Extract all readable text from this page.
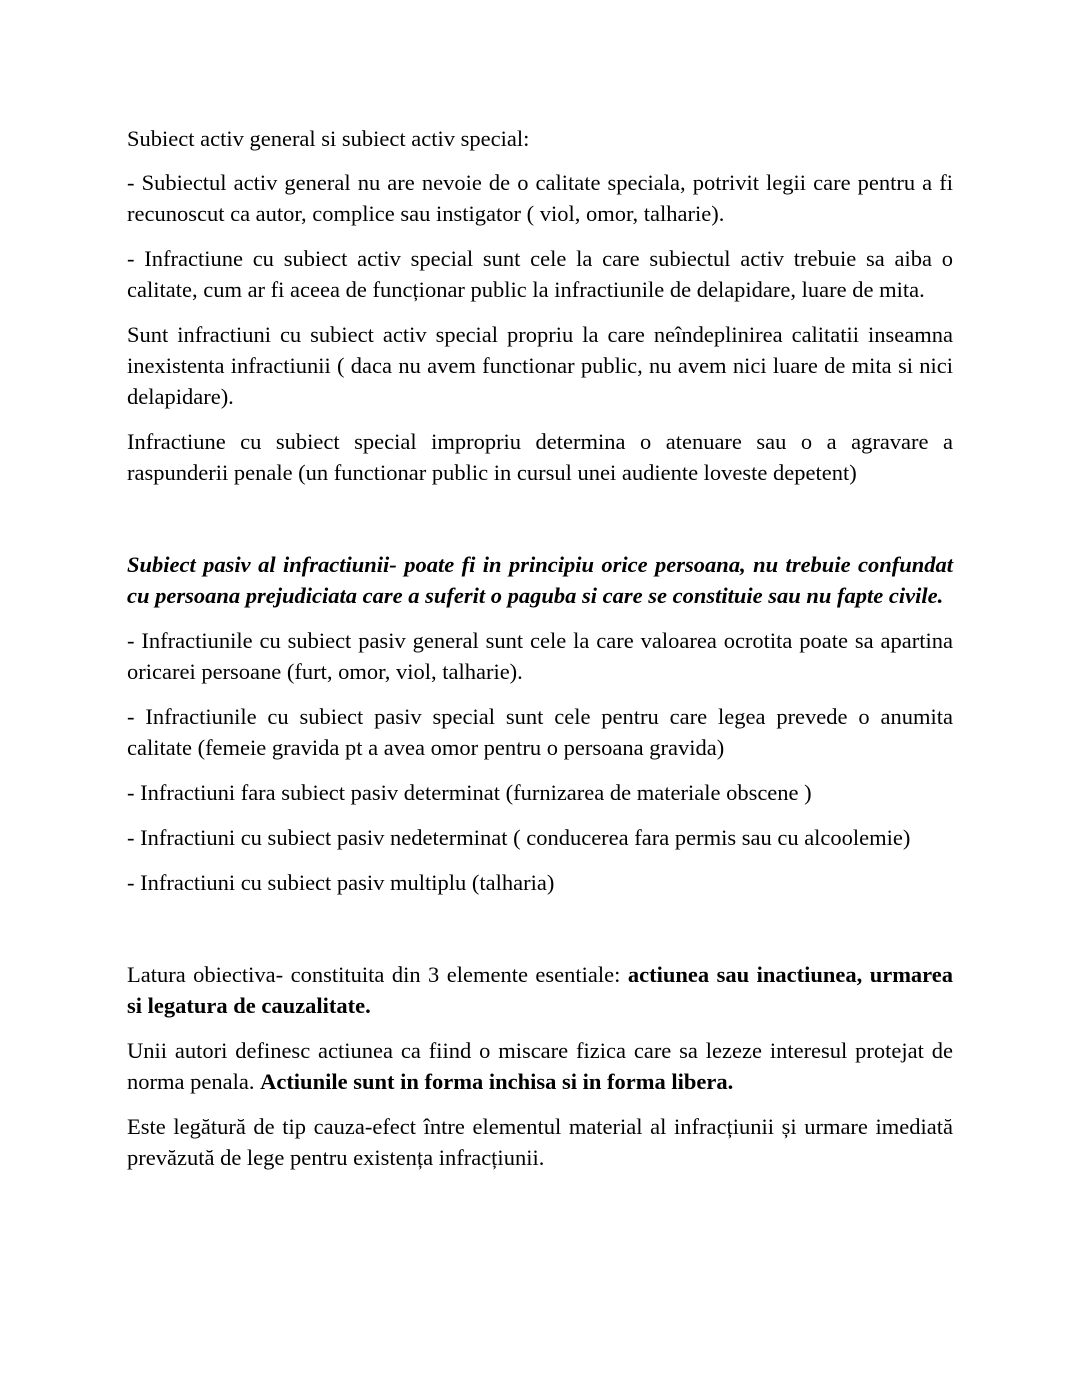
Subiect activ general si subiect activ special:

- Subiectul activ general nu are nevoie de o calitate speciala, potrivit legii care pentru a fi recunoscut ca autor, complice sau instigator ( viol, omor, talharie).

- Infractiune cu subiect activ special sunt cele la care subiectul activ trebuie sa aiba o calitate, cum ar fi aceea de funcționar public la infractiunile de delapidare, luare de mita.

Sunt infractiuni cu subiect activ special propriu la care neîndeplinirea calitatii inseamna inexistenta infractiunii ( daca nu avem functionar public, nu avem nici luare de mita si nici delapidare).

Infractiune cu subiect special impropriu determina o atenuare sau o a agravare a raspunderii penale (un functionar public in cursul unei audiente loveste depetent)

Subiect pasiv al infractiunii- poate fi in principiu orice persoana, nu trebuie confundat cu persoana prejudiciata care a suferit o paguba si care se constituie sau nu fapte civile.

- Infractiunile cu subiect pasiv general sunt cele la care valoarea ocrotita poate sa apartina oricarei persoane (furt, omor, viol, talharie).

- Infractiunile cu subiect pasiv special sunt cele pentru care legea prevede o anumita calitate (femeie gravida pt a avea omor pentru o persoana gravida)

- Infractiuni fara subiect pasiv determinat (furnizarea de materiale obscene )

- Infractiuni cu subiect pasiv nedeterminat ( conducerea fara permis sau cu alcoolemie)

- Infractiuni cu subiect pasiv multiplu (talharia)

Latura obiectiva- constituita din 3 elemente esentiale: actiunea sau inactiunea, urmarea si legatura de cauzalitate.

Unii autori definesc actiunea ca fiind o miscare fizica care sa lezeze interesul protejat de norma penala. Actiunile sunt in forma inchisa si in forma libera.

Este legătură de tip cauza-efect între elementul material al infracțiunii și urmare imediată prevăzută de lege pentru existența infracțiunii.
